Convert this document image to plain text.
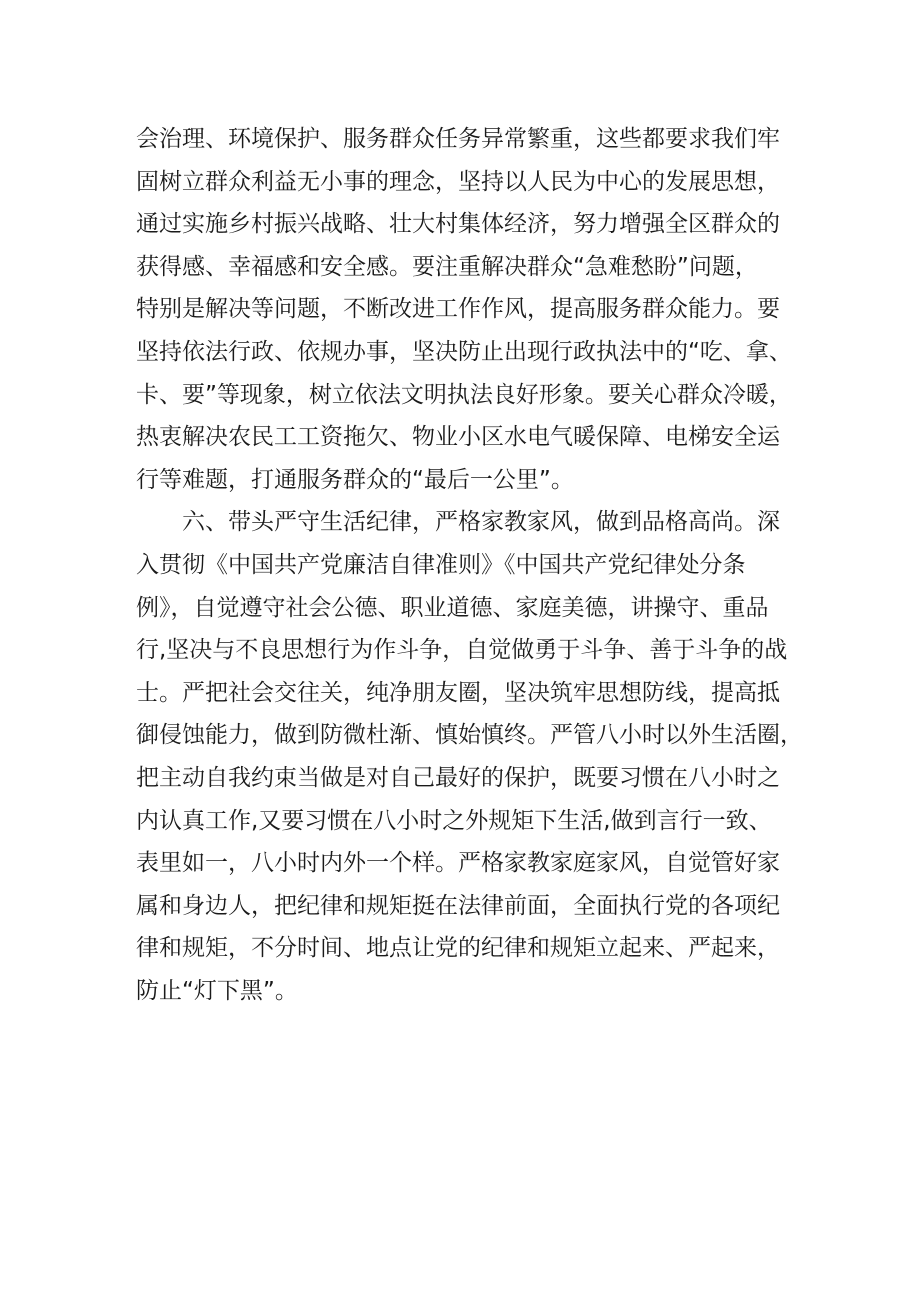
会治理、环境保护、服务群众任务异常繁重，这些都要求我们牢
固树立群众利益无小事的理念，坚持以人民为中心的发展思想，
通过实施乡村振兴战略、壮大村集体经济，努力增强全区群众的
获得感、幸福感和安全感。要注重解决群众“急难愁盼”问题，
特别是解决等问题，不断改进工作作风，提高服务群众能力。要
坚持依法行政、依规办事，坚决防止出现行政执法中的“吃、拿、
卡、要”等现象，树立依法文明执法良好形象。要关心群众冷暖，
热衷解决农民工工资拖欠、物业小区水电气暖保障、电梯安全运
行等难题，打通服务群众的“最后一公里”。
　　六、带头严守生活纪律，严格家教家风，做到品格高尚。深
入贯彻《中国共产党廉洁自律准则》《中国共产党纪律处分条
例》，自觉遵守社会公德、职业道德、家庭美德，讲操守、重品
行,坚决与不良思想行为作斗争，自觉做勇于斗争、善于斗争的战
士。严把社会交往关，纯净朋友圈，坚决筑牢思想防线，提高抵
御侵蚀能力，做到防微杜渐、慎始慎终。严管八小时以外生活圈，
把主动自我约束当做是对自己最好的保护，既要习惯在八小时之
内认真工作,又要习惯在八小时之外规矩下生活,做到言行一致、
表里如一，八小时内外一个样。严格家教家庭家风，自觉管好家
属和身边人，把纪律和规矩挺在法律前面，全面执行党的各项纪
律和规矩，不分时间、地点让党的纪律和规矩立起来、严起来，
防止“灯下黑”。
